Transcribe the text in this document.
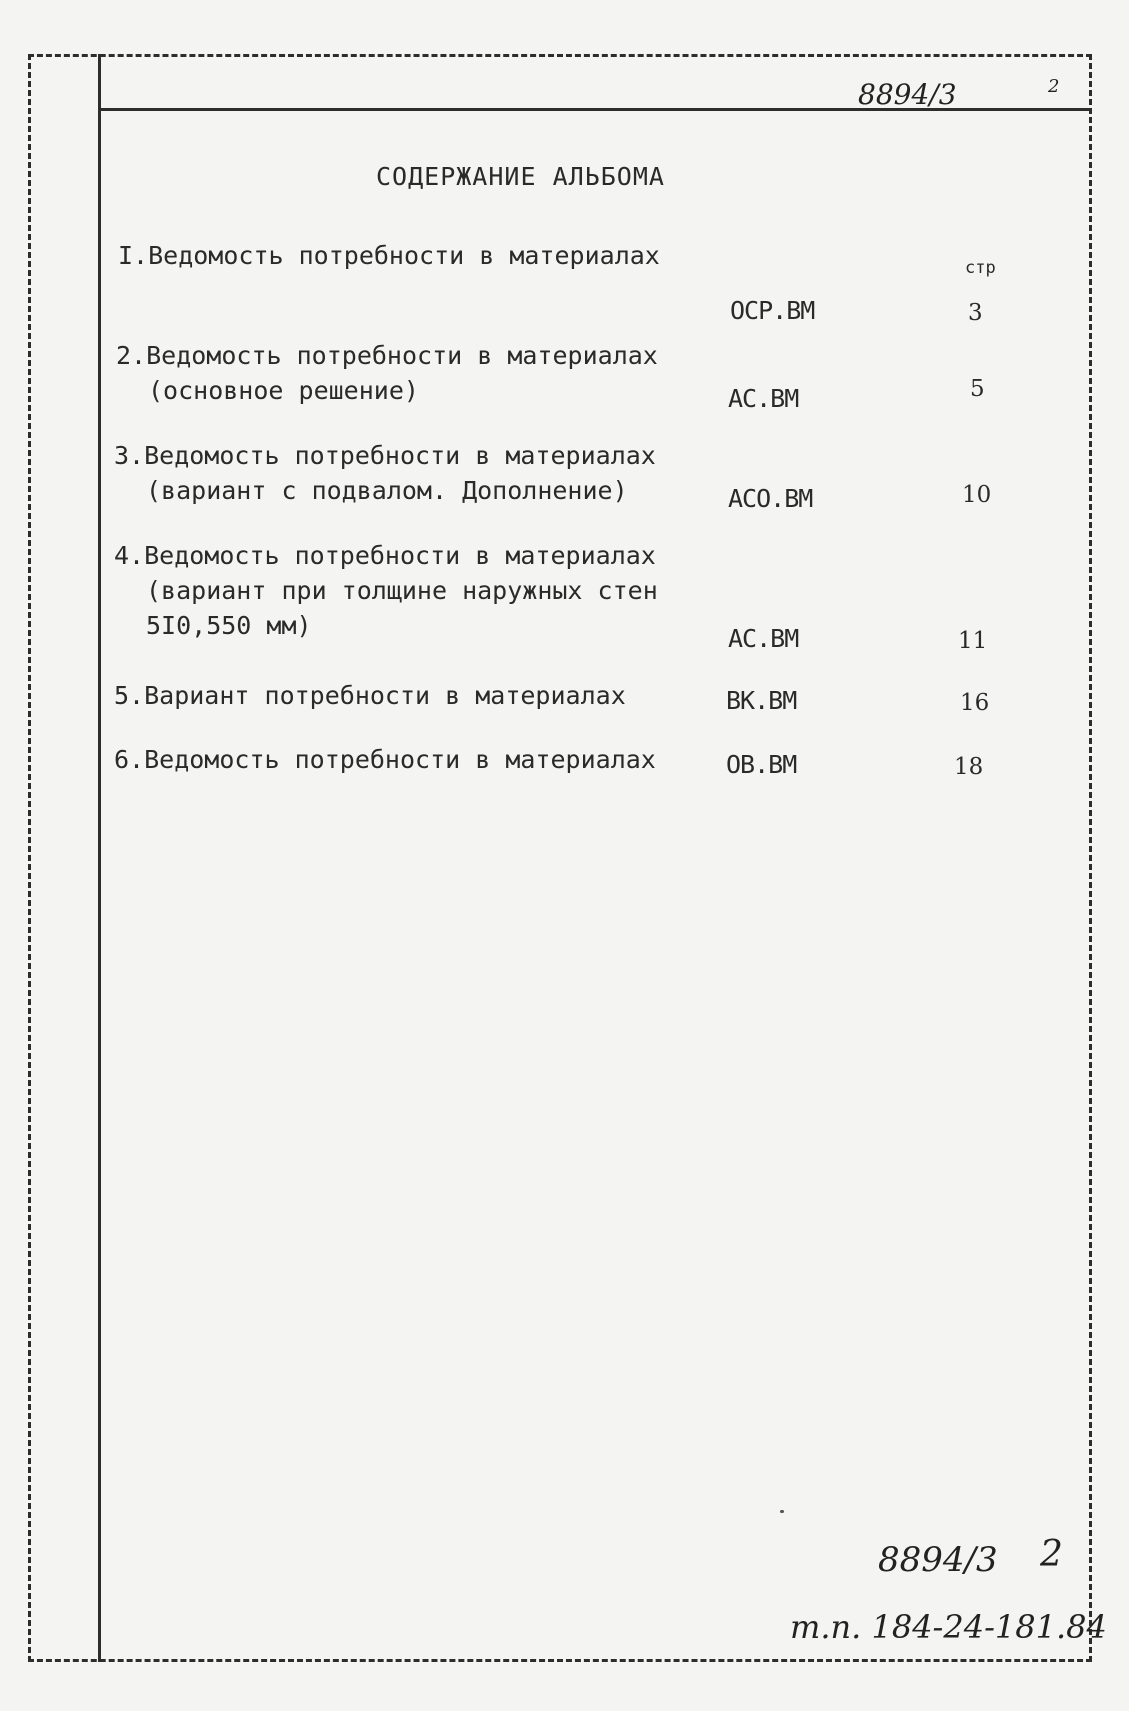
8894/3	2
СОДЕРЖАНИЕ АЛЬБОМА
стр
I.Ведомость потребности в материалах
ОСР.ВМ	3
2.Ведомость потребности в материалах
(основное решение)	АС.ВМ	5
3.Ведомость потребности в материалах
(вариант с подвалом. Дополнение)	АСО.ВМ	10
4.Ведомость потребности в материалах
(вариант при толщине наружных стен
5I0,550 мм)	АС.ВМ	11
5.Вариант потребности в материалах	ВК.ВМ	16
6.Ведомость потребности в материалах	ОВ.ВМ	18
8894/3 2
т.п. 184-24-181.84
